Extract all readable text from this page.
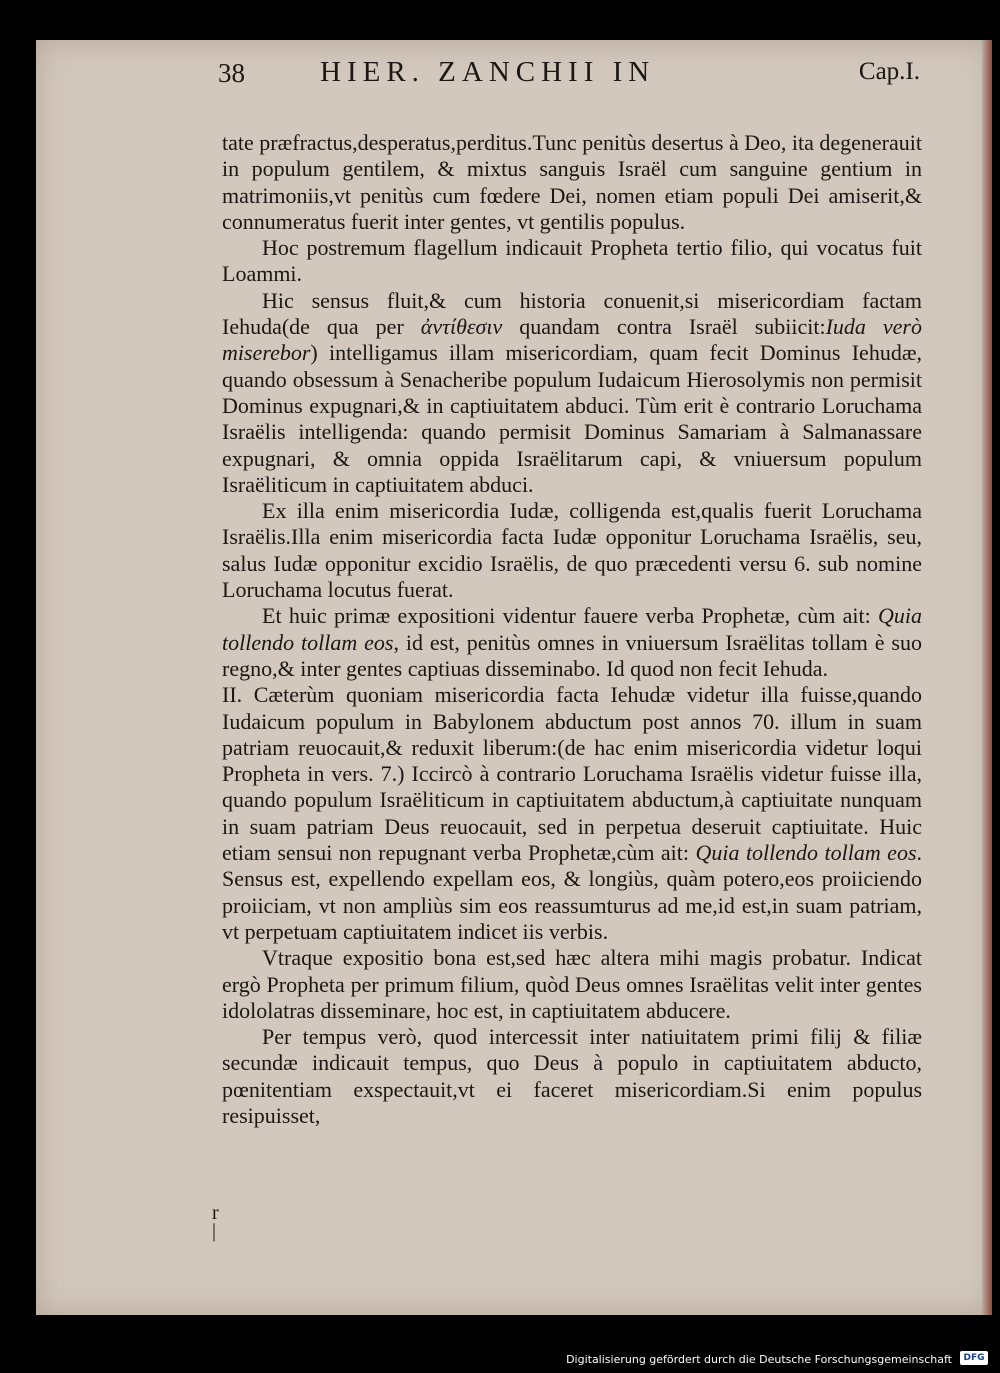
38	HIER. ZANCHII IN	Cap.I.

tate præfractus,desperatus,perditus.Tunc penitùs desertus à Deo, ita degenerauit in populum gentilem, & mixtus sanguis Israël cum sanguine gentium in matrimoniis,vt penitùs cum fœdere Dei, nomen etiam populi Dei amiserit,& connumeratus fuerit inter gentes, vt gentilis populus.

Hoc postremum flagellum indicauit Propheta tertio filio, qui vocatus fuit Loammi.

Hic sensus fluit,& cum historia conuenit,si misericordiam factam Iehuda(de qua per ἀντίθεσιν quandam contra Israël subiicit:Iuda verò miserebor) intelligamus illam misericordiam, quam fecit Dominus Iehudæ, quando obsessum à Senacheribe populum Iudaicum Hierosolymis non permisit Dominus expugnari,& in captiuitatem abduci. Tùm erit è contrario Loruchama Israëlis intelligenda: quando permisit Dominus Samariam à Salmanassare expugnari, & omnia oppida Israëlitarum capi, & vniuersum populum Israëliticum in captiuitatem abduci.

Ex illa enim misericordia Iudæ, colligenda est,qualis fuerit Loruchama Israëlis.Illa enim misericordia facta Iudæ opponitur Loruchama Israëlis, seu, salus Iudæ opponitur excidio Israëlis, de quo præcedenti versu 6. sub nomine Loruchama locutus fuerat.

Et huic primæ expositioni videntur fauere verba Prophetæ, cùm ait: Quia tollendo tollam eos, id est, penitùs omnes in vniuersum Israëlitas tollam è suo regno,& inter gentes captiuas disseminabo. Id quod non fecit Iehuda.

II. Cæterùm quoniam misericordia facta Iehudæ videtur illa fuisse,quando Iudaicum populum in Babylonem abductum post annos 70. illum in suam patriam reuocauit,& reduxit liberum:(de hac enim misericordia videtur loqui Propheta in vers. 7.) Iccircò à contrario Loruchama Israëlis videtur fuisse illa, quando populum Israëliticum in captiuitatem abductum,à captiuitate nunquam in suam patriam Deus reuocauit, sed in perpetua deseruit captiuitate. Huic etiam sensui non repugnant verba Prophetæ,cùm ait: Quia tollendo tollam eos. Sensus est, expellendo expellam eos, & longiùs, quàm potero,eos proiiciendo proiiciam, vt non ampliùs sim eos reassumturus ad me,id est,in suam patriam, vt perpetuam captiuitatem indicet iis verbis.

Vtraque expositio bona est,sed hæc altera mihi magis probatur. Indicat ergò Propheta per primum filium, quòd Deus omnes Israëlitas velit inter gentes idololatras disseminare, hoc est, in captiuitatem abducere.

Per tempus verò, quod intercessit inter natiuitatem primi filij & filiæ secundæ indicauit tempus, quo Deus à populo in captiuitatem abducto, pœnitentiam exspectauit,vt ei faceret misericordiam.Si enim populus resipuisset,

r
|
Digitalisierung gefördert durch die Deutsche Forschungsgemeinschaft	DFG
